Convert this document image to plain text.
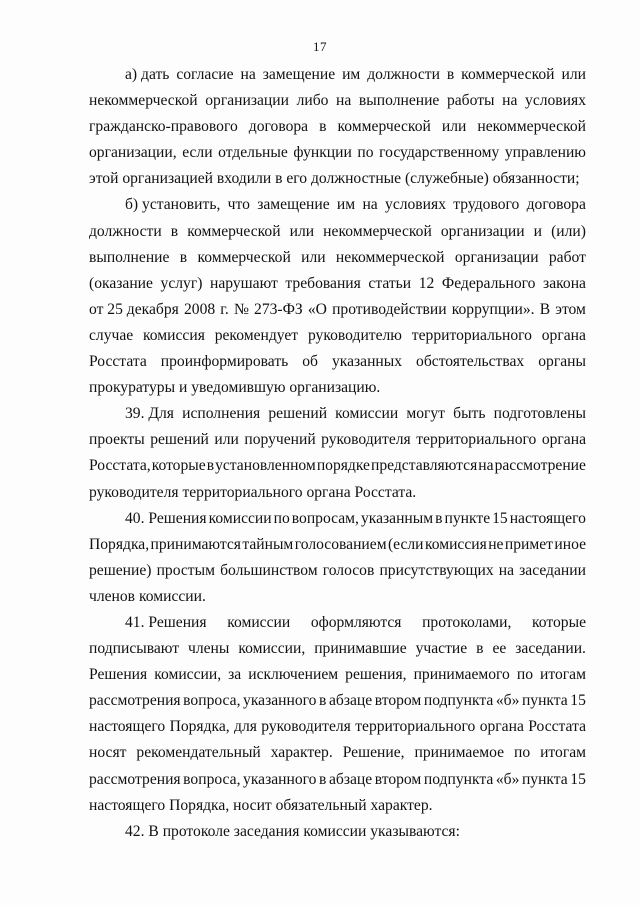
17
а) дать согласие на замещение им должности в коммерческой или
некоммерческой организации либо на выполнение работы на условиях
гражданско-правового договора в коммерческой или некоммерческой
организации, если отдельные функции по государственному управлению
этой организацией входили в его должностные (служебные) обязанности;
б) установить, что замещение им на условиях трудового договора
должности в коммерческой или некоммерческой организации и (или)
выполнение в коммерческой или некоммерческой организации работ
(оказание услуг) нарушают требования статьи 12 Федерального закона
от 25 декабря 2008 г. № 273-ФЗ «О противодействии коррупции». В этом
случае комиссия рекомендует руководителю территориального органа
Росстата проинформировать об указанных обстоятельствах органы
прокуратуры и уведомившую организацию.
39. Для исполнения решений комиссии могут быть подготовлены
проекты решений или поручений руководителя территориального органа
Росстата, которые в установленном порядке представляются на рассмотрение
руководителя территориального органа Росстата.
40. Решения комиссии по вопросам, указанным в пункте 15 настоящего
Порядка, принимаются тайным голосованием (если комиссия не примет иное
решение) простым большинством голосов присутствующих на заседании
членов комиссии.
41. Решения комиссии оформляются протоколами, которые
подписывают члены комиссии, принимавшие участие в ее заседании.
Решения комиссии, за исключением решения, принимаемого по итогам
рассмотрения вопроса, указанного в абзаце втором подпункта «б» пункта 15
настоящего Порядка, для руководителя территориального органа Росстата
носят рекомендательный характер. Решение, принимаемое по итогам
рассмотрения вопроса, указанного в абзаце втором подпункта «б» пункта 15
настоящего Порядка, носит обязательный характер.
42. В протоколе заседания комиссии указываются:
